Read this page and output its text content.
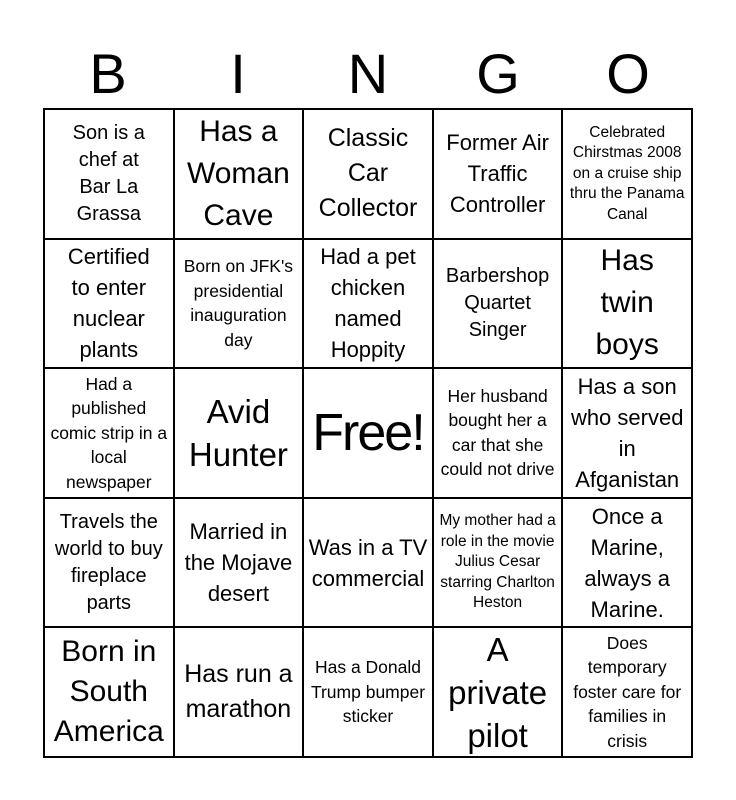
B	I	N	G	O
Son is a chef at Bar La Grassa
Has a Woman Cave
Classic Car Collector
Former Air Traffic Controller
Celebrated Chirstmas 2008 on a cruise ship thru the Panama Canal
Certified to enter nuclear plants
Born on JFK's presidential inauguration day
Had a pet chicken named Hoppity
Barbershop Quartet Singer
Has twin boys
Had a published comic strip in a local newspaper
Avid Hunter Free!
Her husband bought her a car that she could not drive
Has a son who served in Afganistan
Travels the world to buy fireplace parts
Married in the Mojave desert
Was in a TV commercial
My mother had a role in the movie Julius Cesar starring Charlton Heston
Once a Marine, always a Marine.
Born in South America
Has run a marathon
Has a Donald Trump bumper sticker
A private pilot
Does temporary foster care for families in crisis
